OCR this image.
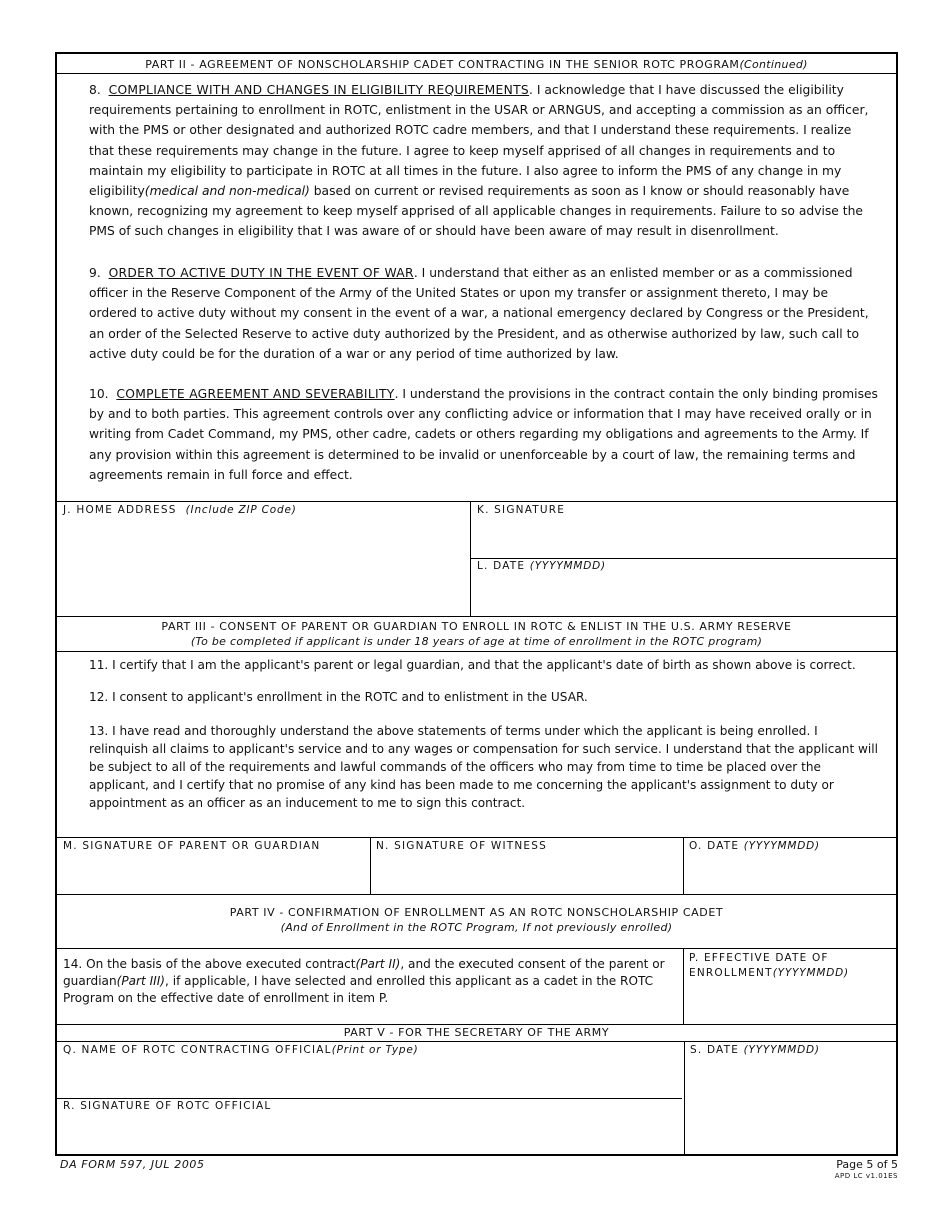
PART II - AGREEMENT OF NONSCHOLARSHIP CADET CONTRACTING IN THE SENIOR ROTC PROGRAM(Continued)
8. COMPLIANCE WITH AND CHANGES IN ELIGIBILITY REQUIREMENTS. I acknowledge that I have discussed the eligibility requirements pertaining to enrollment in ROTC, enlistment in the USAR or ARNGUS, and accepting a commission as an officer, with the PMS or other designated and authorized ROTC cadre members, and that I understand these requirements. I realize that these requirements may change in the future. I agree to keep myself apprised of all changes in requirements and to maintain my eligibility to participate in ROTC at all times in the future. I also agree to inform the PMS of any change in my eligibility(medical and non-medical) based on current or revised requirements as soon as I know or should reasonably have known, recognizing my agreement to keep myself apprised of all applicable changes in requirements. Failure to so advise the PMS of such changes in eligibility that I was aware of or should have been aware of may result in disenrollment.
9. ORDER TO ACTIVE DUTY IN THE EVENT OF WAR. I understand that either as an enlisted member or as a commissioned officer in the Reserve Component of the Army of the United States or upon my transfer or assignment thereto, I may be ordered to active duty without my consent in the event of a war, a national emergency declared by Congress or the President, an order of the Selected Reserve to active duty authorized by the President, and as otherwise authorized by law, such call to active duty could be for the duration of a war or any period of time authorized by law.
10. COMPLETE AGREEMENT AND SEVERABILITY. I understand the provisions in the contract contain the only binding promises by and to both parties. This agreement controls over any conflicting advice or information that I may have received orally or in writing from Cadet Command, my PMS, other cadre, cadets or others regarding my obligations and agreements to the Army. If any provision within this agreement is determined to be invalid or unenforceable by a court of law, the remaining terms and agreements remain in full force and effect.
J. HOME ADDRESS (Include ZIP Code)	K. SIGNATURE
L. DATE (YYYYMMDD)
PART III - CONSENT OF PARENT OR GUARDIAN TO ENROLL IN ROTC & ENLIST IN THE U.S. ARMY RESERVE
(To be completed if applicant is under 18 years of age at time of enrollment in the ROTC program)
11. I certify that I am the applicant's parent or legal guardian, and that the applicant's date of birth as shown above is correct.
12. I consent to applicant's enrollment in the ROTC and to enlistment in the USAR.
13. I have read and thoroughly understand the above statements of terms under which the applicant is being enrolled. I relinquish all claims to applicant's service and to any wages or compensation for such service. I understand that the applicant will be subject to all of the requirements and lawful commands of the officers who may from time to time be placed over the applicant, and I certify that no promise of any kind has been made to me concerning the applicant's assignment to duty or appointment as an officer as an inducement to me to sign this contract.
M. SIGNATURE OF PARENT OR GUARDIAN	N. SIGNATURE OF WITNESS	O. DATE (YYYYMMDD)
PART IV - CONFIRMATION OF ENROLLMENT AS AN ROTC NONSCHOLARSHIP CADET
(And of Enrollment in the ROTC Program, If not previously enrolled)
14. On the basis of the above executed contract(Part II), and the executed consent of the parent or guardian(Part III), if applicable, I have selected and enrolled this applicant as a cadet in the ROTC Program on the effective date of enrollment in item P.
P. EFFECTIVE DATE OF
ENROLLMENT(YYYYMMDD)
PART V - FOR THE SECRETARY OF THE ARMY
Q. NAME OF ROTC CONTRACTING OFFICIAL(Print or Type)
R. SIGNATURE OF ROTC OFFICIAL
S. DATE (YYYYMMDD)
DA FORM 597, JUL 2005	Page 5 of 5
APD LC v1.01ES
